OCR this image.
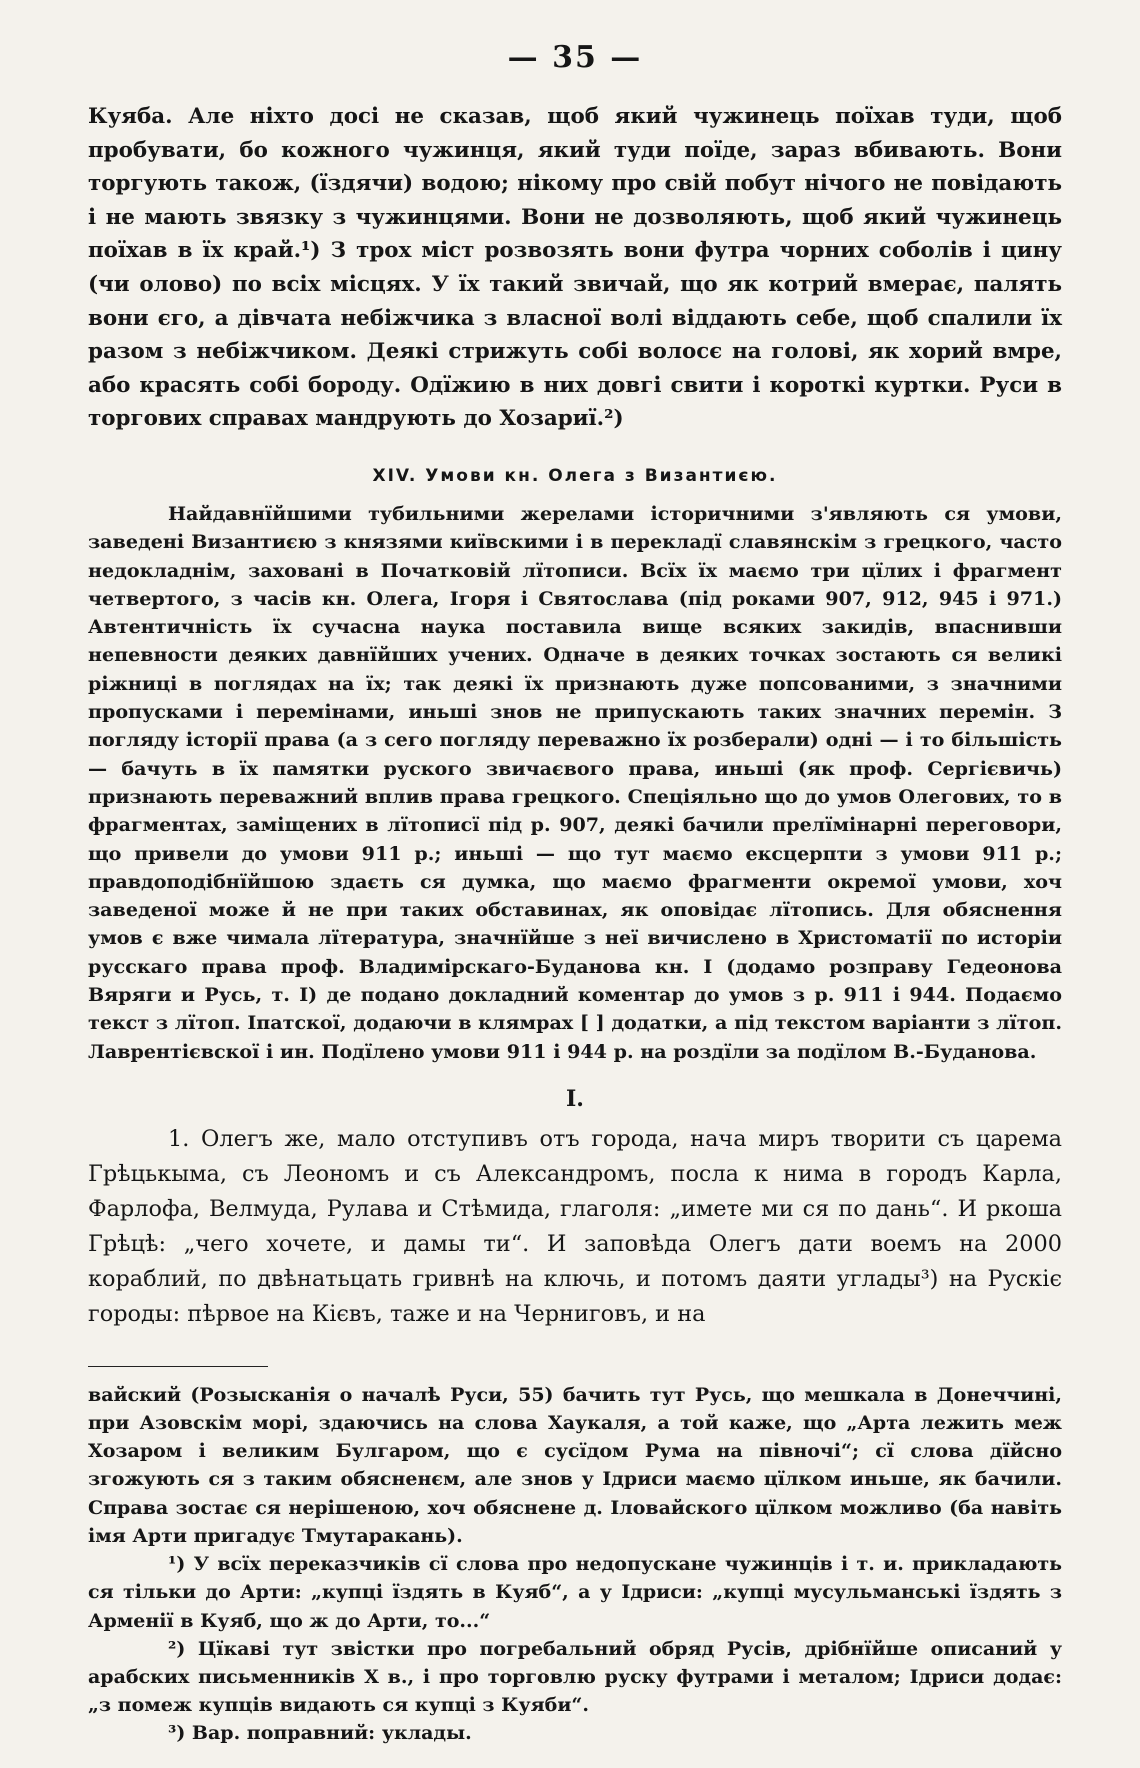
— 35 —

Куяба. Але ніхто досі не сказав, щоб який чужинець поїхав туди, щоб пробувати, бо кожного чужинця, який туди поїде, зараз вбивають. Вони торгують також, (їздячи) водою; нікому про свій побут нічого не повідають і не мають звязку з чужинцями. Вони не дозволяють, щоб який чужинець поїхав в їх край.¹) З трох міст розвозять вони футра чорних соболів і цину (чи олово) по всіх місцях. У їх такий звичай, що як котрий вмерає, палять вони єго, а дівчата небіжчика з власної волі віддають себе, щоб спалили їх разом з небіжчиком. Деякі стрижуть собі волосє на голові, як хорий вмре, або красять собі бороду. Одїжию в них довгі свити і короткі куртки. Руси в торгових справах мандрують до Хозариї.²)

XIV. Умови кн. Олега з Византиєю.

Найдавнїйшими тубильними жерелами історичними з'являють ся умови, заведені Византиєю з князями київскими і в перекладї славянскім з грецкого, часто недокладнім, заховані в Початковій лїтописи. Всїх їх маємо три цїлих і фрагмент четвертого, з часів кн. Олега, Ігоря і Святослава (під роками 907, 912, 945 і 971.) Автентичність їх сучасна наука поставила вище всяких закидів, впаснивши непевности деяких давнїйших учених. Одначе в деяких точках зостають ся великі ріжниці в поглядах на їх; так деякі їх признають дуже попсованими, з значними пропусками і перемінами, иньші знов не припускають таких значних перемін. З погляду історії права (а з сего погляду переважно їх розберали) одні — і то більшість — бачуть в їх памятки руского звичаєвого права, иньші (як проф. Сергієвичь) признають переважний вплив права грецкого. Спеціяльно що до умов Олегових, то в фрагментах, заміщених в лїтописї під р. 907, деякі бачили прелїмінарні переговори, що привели до умови 911 р.; иньші — що тут маємо ексцерпти з умови 911 р.; правдоподібнїйшою здаєть ся думка, що маємо фрагменти окремої умови, хоч заведеної може й не при таких обставинах, як оповідає лїтопись. Для обяснення умов є вже чимала лїтература, значнїйше з неї вичислено в Христоматії по исторіи русскаго права проф. Владимірскаго-Буданова кн. І (додамо розправу Гедеонова Вяряги и Русь, т. І) де подано докладний коментар до умов з р. 911 і 944. Подаємо текст з лїтоп. Іпатскої, додаючи в клямрах [ ] додатки, а під текстом варіанти з лїтоп. Лаврентієвскої і ин. Подїлено умови 911 і 944 р. на роздїли за подїлом В.-Буданова.

I.

1. Олегъ же, мало отступивъ отъ города, нача миръ творити съ царема Грѣцькыма, съ Леономъ и съ Александромъ, посла к нима в городъ Карла, Фарлофа, Велмуда, Рулава и Стѣмида, глаголя: „имете ми ся по дань“. И ркоша Грѣцѣ: „чего хочете, и дамы ти“. И заповѣда Олегъ дати воемъ на 2000 кораблий, по двѣнатьцать гривнѣ на ключь, и потомъ даяти углады³) на Рускіє городы: пѣрвое на Кієвъ, таже и на Черниговъ, и на

вайский (Розысканія о началѣ Руси, 55) бачить тут Русь, що мешкала в Донеччині, при Азовскім морі, здаючись на слова Хаукаля, а той каже, що „Арта лежить меж Хозаром і великим Булгаром, що є сусїдом Рума на півночі“; сї слова дїйсно згожують ся з таким обясненєм, але знов у Ідриси маємо цїлком иньше, як бачили. Справа зостає ся нерішеною, хоч обяснене д. Іловайского цїлком можливо (ба навіть імя Арти пригадує Тмутаракань).

¹) У всїх переказчиків сї слова про недопускане чужинців і т. и. прикладають ся тільки до Арти: „купці їздять в Куяб“, а у Ідриси: „купці мусульманські їздять з Арменії в Куяб, що ж до Арти, то...“

²) Цїкаві тут звістки про погребальний обряд Русів, дрібнїйше описаний у арабских письменників X в., і про торговлю руску футрами і металом; Ідриси додає: „з помеж купців видають ся купці з Куяби“.

³) Вар. поправний: уклады.
